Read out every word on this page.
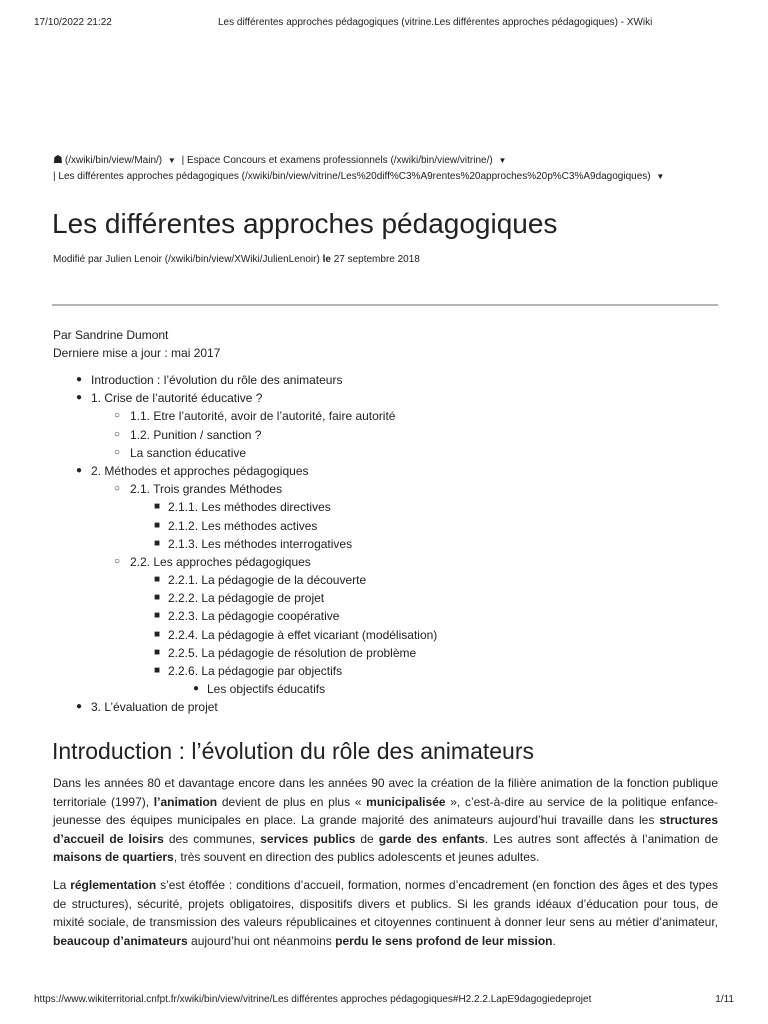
17/10/2022 21:22	Les différentes approches pédagogiques (vitrine.Les différentes approches pédagogiques) - XWiki
☗ (/xwiki/bin/view/Main/) ▼ | Espace Concours et examens professionnels (/xwiki/bin/view/vitrine/) ▼
| Les différentes approches pédagogiques (/xwiki/bin/view/vitrine/Les%20diff%C3%A9rentes%20approches%20p%C3%A9dagogiques) ▼
Les différentes approches pédagogiques
Modifié par Julien Lenoir (/xwiki/bin/view/XWiki/JulienLenoir) le 27 septembre 2018
Par Sandrine Dumont
Derniere mise a jour : mai 2017
● Introduction : l’évolution du rôle des animateurs
● 1. Crise de l’autorité éducative ?
○ 1.1. Etre l’autorité, avoir de l’autorité, faire autorité
○ 1.2. Punition / sanction ?
○ La sanction éducative
● 2. Méthodes et approches pédagogiques
○ 2.1. Trois grandes Méthodes
■ 2.1.1. Les méthodes directives
■ 2.1.2. Les méthodes actives
■ 2.1.3. Les méthodes interrogatives
○ 2.2. Les approches pédagogiques
■ 2.2.1. La pédagogie de la découverte
■ 2.2.2. La pédagogie de projet
■ 2.2.3. La pédagogie coopérative
■ 2.2.4. La pédagogie à effet vicariant (modélisation)
■ 2.2.5. La pédagogie de résolution de problème
■ 2.2.6. La pédagogie par objectifs
● Les objectifs éducatifs
● 3. L’évaluation de projet
Introduction : l’évolution du rôle des animateurs

Dans les années 80 et davantage encore dans les années 90 avec la création de la filière animation de la fonction publique territoriale (1997), l’animation devient de plus en plus « municipalisée », c’est-à-dire au service de la politique enfance-jeunesse des équipes municipales en place. La grande majorité des animateurs aujourd’hui travaille dans les structures d’accueil de loisirs des communes, services publics de garde des enfants. Les autres sont affectés à l’animation de maisons de quartiers, très souvent en direction des publics adolescents et jeunes adultes.

La réglementation s’est étoffée : conditions d’accueil, formation, normes d’encadrement (en fonction des âges et des types de structures), sécurité, projets obligatoires, dispositifs divers et publics. Si les grands idéaux d’éducation pour tous, de mixité sociale, de transmission des valeurs républicaines et citoyennes continuent à donner leur sens au métier d’animateur, beaucoup d’animateurs aujourd’hui ont néanmoins perdu le sens profond de leur mission.

https://www.wikiterritorial.cnfpt.fr/xwiki/bin/view/vitrine/Les différentes approches pédagogiques#H2.2.2.LapE9dagogiedeprojet	1/11
